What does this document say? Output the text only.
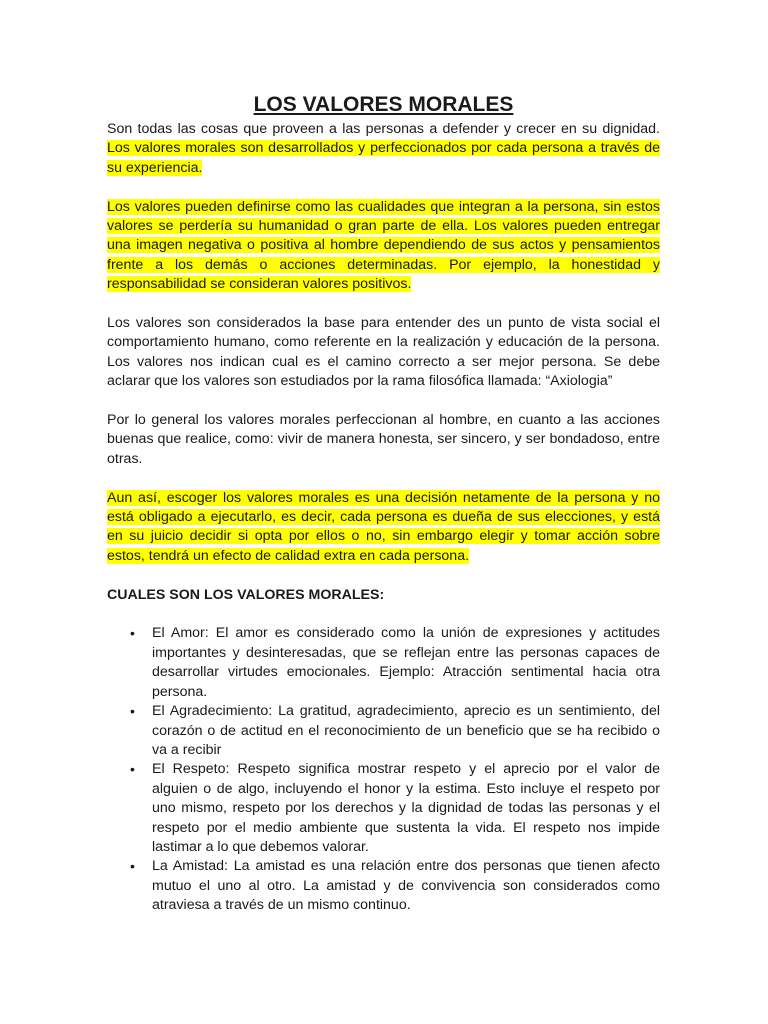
LOS VALORES MORALES

Son todas las cosas que proveen a las personas a defender y crecer en su dignidad. Los valores morales son desarrollados y perfeccionados por cada persona a través de su experiencia.

Los valores pueden definirse como las cualidades que integran a la persona, sin estos valores se perdería su humanidad o gran parte de ella. Los valores pueden entregar una imagen negativa o positiva al hombre dependiendo de sus actos y pensamientos frente a los demás o acciones determinadas. Por ejemplo, la honestidad y responsabilidad se consideran valores positivos.

Los valores son considerados la base para entender des un punto de vista social el comportamiento humano, como referente en la realización y educación de la persona. Los valores nos indican cual es el camino correcto a ser mejor persona. Se debe aclarar que los valores son estudiados por la rama filosófica llamada: “Axiologia”

Por lo general los valores morales perfeccionan al hombre, en cuanto a las acciones buenas que realice, como: vivir de manera honesta, ser sincero, y ser bondadoso, entre otras.

Aun así, escoger los valores morales es una decisión netamente de la persona y no está obligado a ejecutarlo, es decir, cada persona es dueña de sus elecciones, y está en su juicio decidir si opta por ellos o no, sin embargo elegir y tomar acción sobre estos, tendrá un efecto de calidad extra en cada persona.

CUALES SON LOS VALORES MORALES:
• El Amor: El amor es considerado como la unión de expresiones y actitudes importantes y desinteresadas, que se reflejan entre las personas capaces de desarrollar virtudes emocionales. Ejemplo: Atracción sentimental hacia otra persona.
• El Agradecimiento: La gratitud, agradecimiento, aprecio es un sentimiento, del corazón o de actitud en el reconocimiento de un beneficio que se ha recibido o va a recibir
• El Respeto: Respeto significa mostrar respeto y el aprecio por el valor de alguien o de algo, incluyendo el honor y la estima. Esto incluye el respeto por uno mismo, respeto por los derechos y la dignidad de todas las personas y el respeto por el medio ambiente que sustenta la vida. El respeto nos impide lastimar a lo que debemos valorar.
• La Amistad: La amistad es una relación entre dos personas que tienen afecto mutuo el uno al otro. La amistad y de convivencia son considerados como atraviesa a través de un mismo continuo.
